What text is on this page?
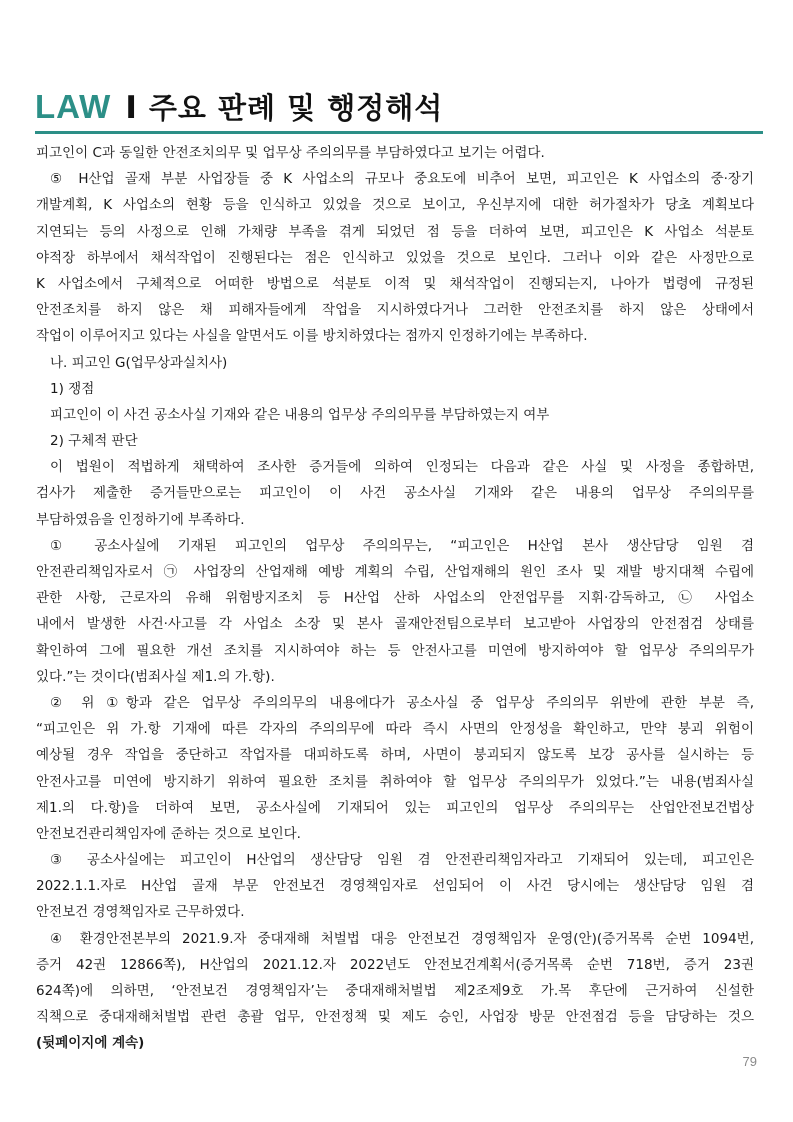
LAW I 주요 판례 및 행정해석
피고인이 C과 동일한 안전조치의무 및 업무상 주의의무를 부담하였다고 보기는 어렵다.
⑤ H산업 골재 부분 사업장들 중 K 사업소의 규모나 중요도에 비추어 보면, 피고인은 K 사업소의 중·장기
개발계획, K 사업소의 현황 등을 인식하고 있었을 것으로 보이고, 우신부지에 대한 허가절차가 당초 계획보다
지연되는 등의 사정으로 인해 가채량 부족을 겪게 되었던 점 등을 더하여 보면, 피고인은 K 사업소 석분토
야적장 하부에서 채석작업이 진행된다는 점은 인식하고 있었을 것으로 보인다. 그러나 이와 같은 사정만으로
K 사업소에서 구체적으로 어떠한 방법으로 석분토 이적 및 채석작업이 진행되는지, 나아가 법령에 규정된
안전조치를 하지 않은 채 피해자들에게 작업을 지시하였다거나 그러한 안전조치를 하지 않은 상태에서
작업이 이루어지고 있다는 사실을 알면서도 이를 방치하였다는 점까지 인정하기에는 부족하다.
나. 피고인 G(업무상과실치사)
1) 쟁점
피고인이 이 사건 공소사실 기재와 같은 내용의 업무상 주의의무를 부담하였는지 여부
2) 구체적 판단
이 법원이 적법하게 채택하여 조사한 증거들에 의하여 인정되는 다음과 같은 사실 및 사정을 종합하면,
검사가 제출한 증거들만으로는 피고인이 이 사건 공소사실 기재와 같은 내용의 업무상 주의의무를
부담하였음을 인정하기에 부족하다.
① 공소사실에 기재된 피고인의 업무상 주의의무는, “피고인은 H산업 본사 생산담당 임원 겸
안전관리책임자로서 ㉠ 사업장의 산업재해 예방 계획의 수립, 산업재해의 원인 조사 및 재발 방지대책 수립에
관한 사항, 근로자의 유해 위험방지조치 등 H산업 산하 사업소의 안전업무를 지휘·감독하고, ㉡ 사업소
내에서 발생한 사건·사고를 각 사업소 소장 및 본사 골재안전팀으로부터 보고받아 사업장의 안전점검 상태를
확인하여 그에 필요한 개선 조치를 지시하여야 하는 등 안전사고를 미연에 방지하여야 할 업무상 주의의무가
있다.”는 것이다(범죄사실 제1.의 가.항).
② 위 ①항과 같은 업무상 주의의무의 내용에다가 공소사실 중 업무상 주의의무 위반에 관한 부분 즉,
“피고인은 위 가.항 기재에 따른 각자의 주의의무에 따라 즉시 사면의 안정성을 확인하고, 만약 붕괴 위험이
예상될 경우 작업을 중단하고 작업자를 대피하도록 하며, 사면이 붕괴되지 않도록 보강 공사를 실시하는 등
안전사고를 미연에 방지하기 위하여 필요한 조치를 취하여야 할 업무상 주의의무가 있었다.”는 내용(범죄사실
제1.의 다.항)을 더하여 보면, 공소사실에 기재되어 있는 피고인의 업무상 주의의무는 산업안전보건법상
안전보건관리책임자에 준하는 것으로 보인다.
③ 공소사실에는 피고인이 H산업의 생산담당 임원 겸 안전관리책임자라고 기재되어 있는데, 피고인은
2022.1.1.자로 H산업 골재 부문 안전보건 경영책임자로 선임되어 이 사건 당시에는 생산담당 임원 겸
안전보건 경영책임자로 근무하였다.
④ 환경안전본부의 2021.9.자 중대재해 처벌법 대응 안전보건 경영책임자 운영(안)(증거목록 순번 1094번,
증거 42권 12866쪽), H산업의 2021.12.자 2022년도 안전보건계획서(증거목록 순번 718번, 증거 23권
624쪽)에 의하면, ‘안전보건 경영책임자’는 중대재해처벌법 제2조제9호 가.목 후단에 근거하여 신설한
직책으로 중대재해처벌법 관련 총괄 업무, 안전정책 및 제도 승인, 사업장 방문 안전점검 등을 담당하는 것으
(뒷페이지에 계속)
79
